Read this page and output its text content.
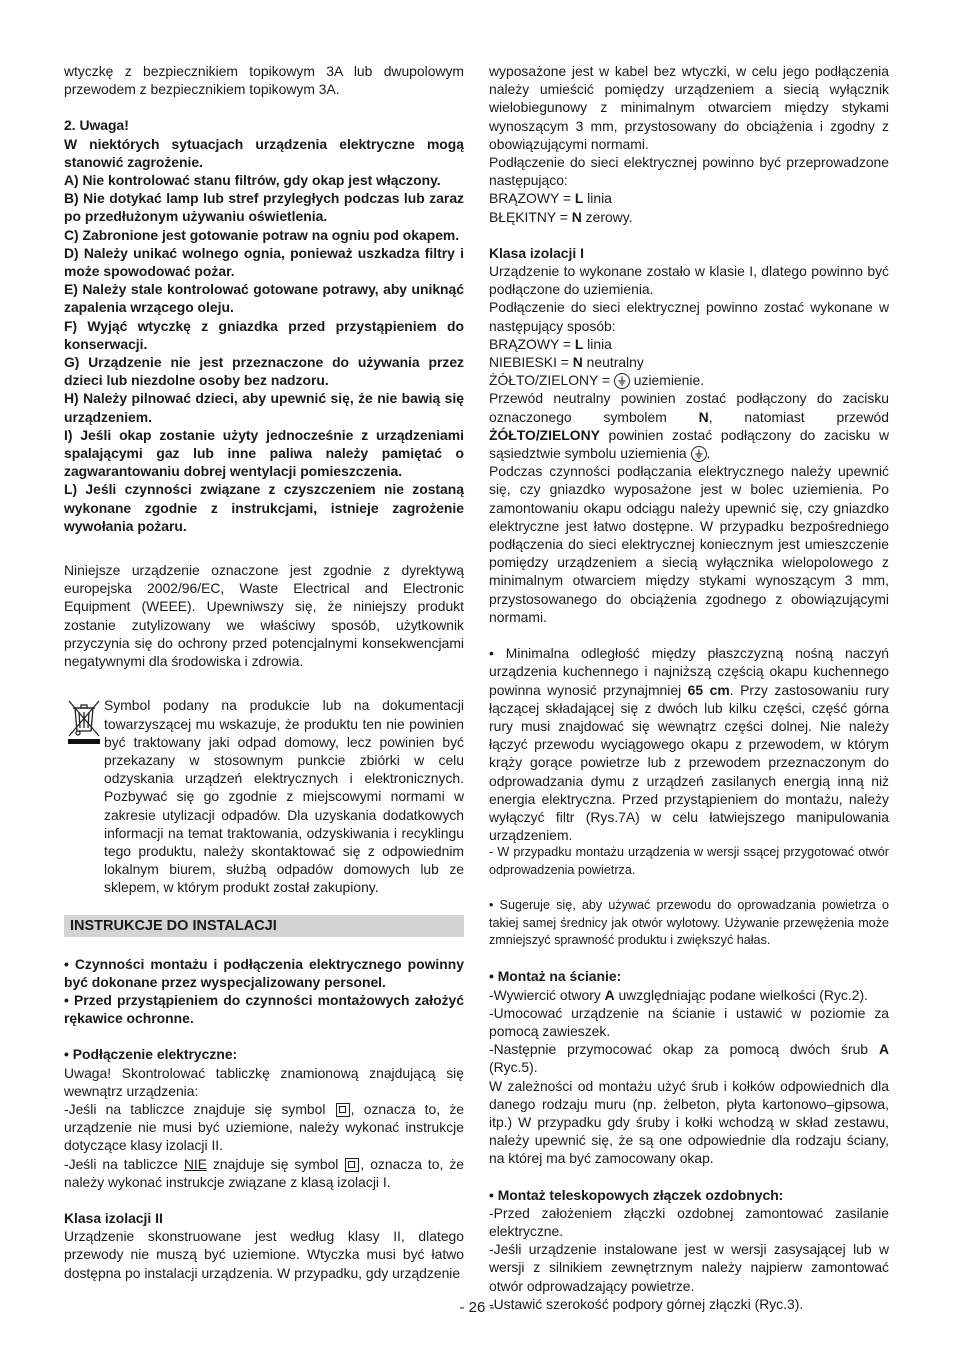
wtyczkę z bezpiecznikiem topikowym 3A lub dwupolowym przewodem z bezpiecznikiem topikowym 3A.

2. Uwaga!

W niektórych sytuacjach urządzenia elektryczne mogą stanowić zagrożenie.

A) Nie kontrolować stanu filtrów, gdy okap jest włączony.

B) Nie dotykać lamp lub stref przyległych podczas lub zaraz po przedłużonym używaniu oświetlenia.

C) Zabronione jest gotowanie potraw na ogniu pod okapem.

D) Należy unikać wolnego ognia, ponieważ uszkadza filtry i może spowodować pożar.

E) Należy stale kontrolować gotowane potrawy, aby uniknąć zapalenia wrzącego oleju.

F) Wyjąć wtyczkę z gniazdka przed przystąpieniem do konserwacji.

G) Urządzenie nie jest przeznaczone do używania przez dzieci lub niezdolne osoby bez nadzoru.

H) Należy pilnować dzieci, aby upewnić się, że nie bawią się urządzeniem.

I) Jeśli okap zostanie użyty jednocześnie z urządzeniami spalającymi gaz lub inne paliwa należy pamiętać o zagwarantowaniu dobrej wentylacji pomieszczenia.

L) Jeśli czynności związane z czyszczeniem nie zostaną wykonane zgodnie z instrukcjami, istnieje zagrożenie wywołania pożaru.

Niniejsze urządzenie oznaczone jest zgodnie z dyrektywą europejska 2002/96/EC, Waste Electrical and Electronic Equipment (WEEE). Upewniwszy się, że niniejszy produkt zostanie zutylizowany we właściwy sposób, użytkownik przyczynia się do ochrony przed potencjalnymi konsekwencjami negatywnymi dla środowiska i zdrowia.

Symbol podany na produkcie lub na dokumentacji towarzyszącej mu wskazuje, że produktu ten nie powinien być traktowany jaki odpad domowy, lecz powinien być przekazany w stosownym punkcie zbiórki w celu odzyskania urządzeń elektrycznych i elektronicznych. Pozbywać się go zgodnie z miejscowymi normami w zakresie utylizacji odpadów. Dla uzyskania dodatkowych informacji na temat traktowania, odzyskiwania i recyklingu tego produktu, należy skontaktować się z odpowiednim lokalnym biurem, służbą odpadów domowych lub ze sklepem, w którym produkt został zakupiony.

INSTRUKCJE DO INSTALACJI

• Czynności montażu i podłączenia elektrycznego powinny być dokonane przez wyspecjalizowany personel.

• Przed przystąpieniem do czynności montażowych założyć rękawice ochronne.

• Podłączenie elektryczne:

Uwaga! Skontrolować tabliczkę znamionową znajdującą się wewnątrz urządzenia:

-Jeśli na tabliczce znajduje się symbol , oznacza to, że urządzenie nie musi być uziemione, należy wykonać instrukcje dotyczące klasy izolacji II.

-Jeśli na tabliczce NIE znajduje się symbol , oznacza to, że należy wykonać instrukcje związane z klasą izolacji I.

Klasa izolacji II

Urządzenie skonstruowane jest według klasy II, dlatego przewody nie muszą być uziemione. Wtyczka musi być łatwo dostępna po instalacji urządzenia. W przypadku, gdy urządzenie

wyposażone jest w kabel bez wtyczki, w celu jego podłączenia należy umieścić pomiędzy urządzeniem a siecią wyłącznik wielobiegunowy z minimalnym otwarciem między stykami wynoszącym 3 mm, przystosowany do obciążenia i zgodny z obowiązującymi normami.

Podłączenie do sieci elektrycznej powinno być przeprowadzone następująco:

BRĄZOWY = L linia

BŁĘKITNY = N zerowy.

Klasa izolacji I

Urządzenie to wykonane zostało w klasie I, dlatego powinno być podłączone do uziemienia.

Podłączenie do sieci elektrycznej powinno zostać wykonane w następujący sposób:

BRĄZOWY = L linia

NIEBIESKI = N neutralny

ŻÓŁTO/ZIELONY =
uziemienie.

Przewód neutralny powinien zostać podłączony do zacisku oznaczonego symbolem N, natomiast przewód ŻÓŁTO/ZIELONY powinien zostać podłączony do zacisku w sąsiedztwie symbolu uziemienia
.

Podczas czynności podłączania elektrycznego należy upewnić się, czy gniazdko wyposażone jest w bolec uziemienia. Po zamontowaniu okapu odciągu należy upewnić się, czy gniazdko elektryczne jest łatwo dostępne. W przypadku bezpośredniego podłączenia do sieci elektrycznej koniecznym jest umieszczenie pomiędzy urządzeniem a siecią wyłącznika wielopolowego z minimalnym otwarciem między stykami wynoszącym 3 mm, przystosowanego do obciążenia zgodnego z obowiązującymi normami.

• Minimalna odległość między płaszczyzną nośną naczyń urządzenia kuchennego i najniższą częścią okapu kuchennego powinna wynosić przynajmniej 65 cm. Przy zastosowaniu rury łączącej składającej się z dwóch lub kilku części, część górna rury musi znajdować się wewnątrz części dolnej. Nie należy łączyć przewodu wyciągowego okapu z przewodem, w którym krąży gorące powietrze lub z przewodem przeznaczonym do odprowadzania dymu z urządzeń zasilanych energią inną niż energia elektryczna. Przed przystąpieniem do montażu, należy wyłączyć filtr (Rys.7A) w celu łatwiejszego manipulowania urządzeniem.

- W przypadku montażu urządzenia w wersji ssącej przygotować otwór odprowadzenia powietrza.

• Sugeruje się, aby używać przewodu do oprowadzania powietrza o takiej samej średnicy jak otwór wylotowy. Używanie przewężenia może zmniejszyć sprawność produktu i zwiększyć hałas.

• Montaż na ścianie:

-Wywiercić otwory A uwzględniając podane wielkości (Ryc.2).

-Umocować urządzenie na ścianie i ustawić w poziomie za pomocą zawieszek.

-Następnie przymocować okap za pomocą dwóch śrub A (Ryc.5).

W zależności od montażu użyć śrub i kołków odpowiednich dla danego rodzaju muru (np. żelbeton, płyta kartonowo–gipsowa, itp.) W przypadku gdy śruby i kołki wchodzą w skład zestawu, należy upewnić się, że są one odpowiednie dla rodzaju ściany, na której ma być zamocowany okap.

• Montaż teleskopowych złączek ozdobnych:

-Przed założeniem złączki ozdobnej zamontować zasilanie elektryczne.

-Jeśli urządzenie instalowane jest w wersji zasysającej lub w wersji z silnikiem zewnętrznym należy najpierw zamontować otwór odprowadzający powietrze.

-Ustawić szerokość podpory górnej złączki (Ryc.3).

- 26 -
